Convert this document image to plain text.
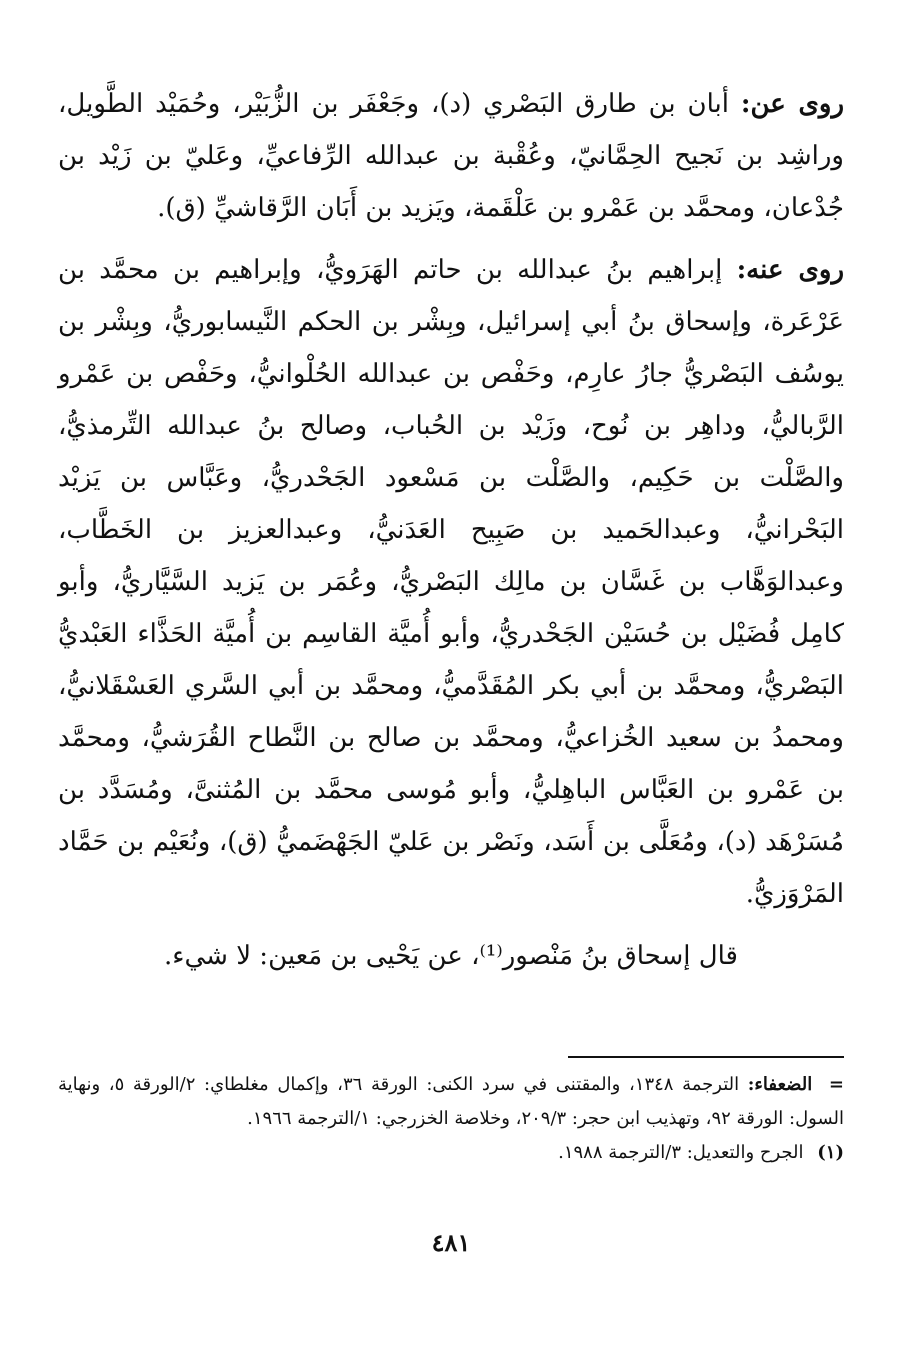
روى عن: أبان بن طارق البَصْري (د)، وجَعْفَر بن الزُّبَيْر، وحُمَيْد الطَّويل، وراشِد بن نَجيح الحِمَّانيّ، وعُقْبة بن عبدالله الرِّفاعيِّ، وعَليّ بن زَيْد بن جُدْعان، ومحمَّد بن عَمْرو بن عَلْقَمة، ويَزيد بن أَبَان الرَّقاشيِّ (ق).

روى عنه: إبراهيم بنُ عبدالله بن حاتم الهَرَويُّ، وإبراهيم بن محمَّد بن عَرْعَرة، وإسحاق بنُ أبي إسرائيل، وبِشْر بن الحكم النَّيسابوريُّ، وبِشْر بن يوسُف البَصْريُّ جارُ عارِم، وحَفْص بن عبدالله الحُلْوانيُّ، وحَفْص بن عَمْرو الرَّباليُّ، وداهِر بن نُوح، وزَيْد بن الحُباب، وصالح بنُ عبدالله التِّرمذيُّ، والصَّلْت بن حَكِيم، والصَّلْت بن مَسْعود الجَحْدريُّ، وعَبَّاس بن يَزيْد البَحْرانيُّ، وعبدالحَميد بن صَبِيح العَدَنيُّ، وعبدالعزيز بن الخَطَّاب، وعبدالوَهَّاب بن غَسَّان بن مالِك البَصْريُّ، وعُمَر بن يَزيد السَّيَّاريُّ، وأبو كامِل فُضَيْل بن حُسَيْن الجَحْدريُّ، وأبو أُميَّة القاسِم بن أُميَّة الحَذَّاء العَبْديُّ البَصْريُّ، ومحمَّد بن أبي بكر المُقَدَّميُّ، ومحمَّد بن أبي السَّري العَسْقَلانيُّ، ومحمدُ بن سعيد الخُزاعيُّ، ومحمَّد بن صالح بن النَّطاح القُرَشيُّ، ومحمَّد بن عَمْرو بن العَبَّاس الباهِليُّ، وأبو مُوسى محمَّد بن المُثنىَّ، ومُسَدَّد بن مُسَرْهَد (د)، ومُعَلَّى بن أَسَد، ونَصْر بن عَليّ الجَهْضَميُّ (ق)، ونُعَيْم بن حَمَّاد المَرْوَزيُّ.

قال إسحاق بنُ مَنْصور⁽¹⁾، عن يَحْيى بن مَعين: لا شيء.

= الضعفاء: الترجمة ١٣٤٨، والمقتنى في سرد الكنى: الورقة ٣٦، وإكمال مغلطاي: ٢/الورقة ٥، ونهاية السول: الورقة ٩٢، وتهذيب ابن حجر: ٢٠٩/٣، وخلاصة الخزرجي: ١/الترجمة ١٩٦٦.

(١) الجرح والتعديل: ٣/الترجمة ١٩٨٨.

٤٨١
